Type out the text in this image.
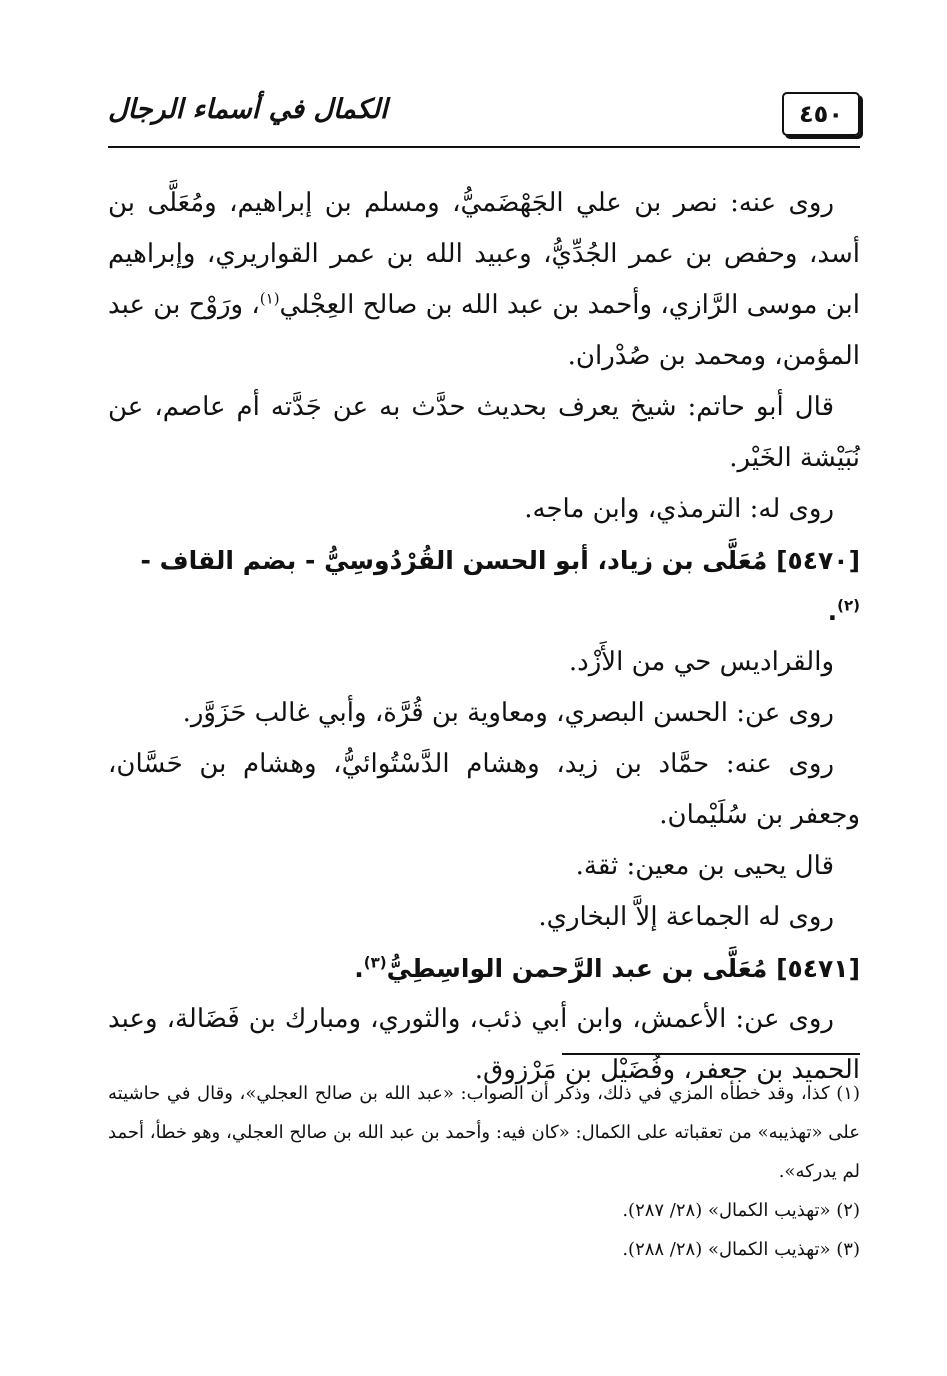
الكمال في أسماء الرجال	٤٥٠

روى عنه: نصر بن علي الجَهْضَميُّ، ومسلم بن إبراهيم، ومُعَلَّى بن أسد، وحفص بن عمر الجُدِّيُّ، وعبيد الله بن عمر القواريري، وإبراهيم ابن موسى الرَّازي، وأحمد بن عبد الله بن صالح العِجْلي$^{(١)}$، ورَوْح بن عبد المؤمن، ومحمد بن صُدْران.

قال أبو حاتم: شيخ يعرف بحديث حدَّث به عن جَدَّته أم عاصم، عن نُبَيْشة الخَيْر.

روى له: الترمذي، وابن ماجه.

[٥٤٧٠] مُعَلَّى بن زياد، أبو الحسن القُرْدُوسِيُّ - بضم القاف - $^{(٢)}$.

والقراديس حي من الأَزْد.

روى عن: الحسن البصري، ومعاوية بن قُرَّة، وأبي غالب حَزَوَّر.

روى عنه: حمَّاد بن زيد، وهشام الدَّسْتُوائيُّ، وهشام بن حَسَّان، وجعفر بن سُلَيْمان.

قال يحيى بن معين: ثقة.

روى له الجماعة إلاَّ البخاري.

[٥٤٧١] مُعَلَّى بن عبد الرَّحمن الواسِطِيُّ$^{(٣)}$.

روى عن: الأعمش، وابن أبي ذئب، والثوري، ومبارك بن فَضَالة، وعبد الحميد بن جعفر، وفُضَيْل بن مَرْزوق.

(١) كذا، وقد خطأه المزي في ذلك، وذكر أن الصواب: «عبد الله بن صالح العجلي»، وقال في حاشيته على «تهذيبه» من تعقباته على الكمال: «كان فيه: وأحمد بن عبد الله بن صالح العجلي، وهو خطأ، أحمد لم يدركه».

(٢) «تهذيب الكمال» (٢٨/ ٢٨٧).

(٣) «تهذيب الكمال» (٢٨/ ٢٨٨).
